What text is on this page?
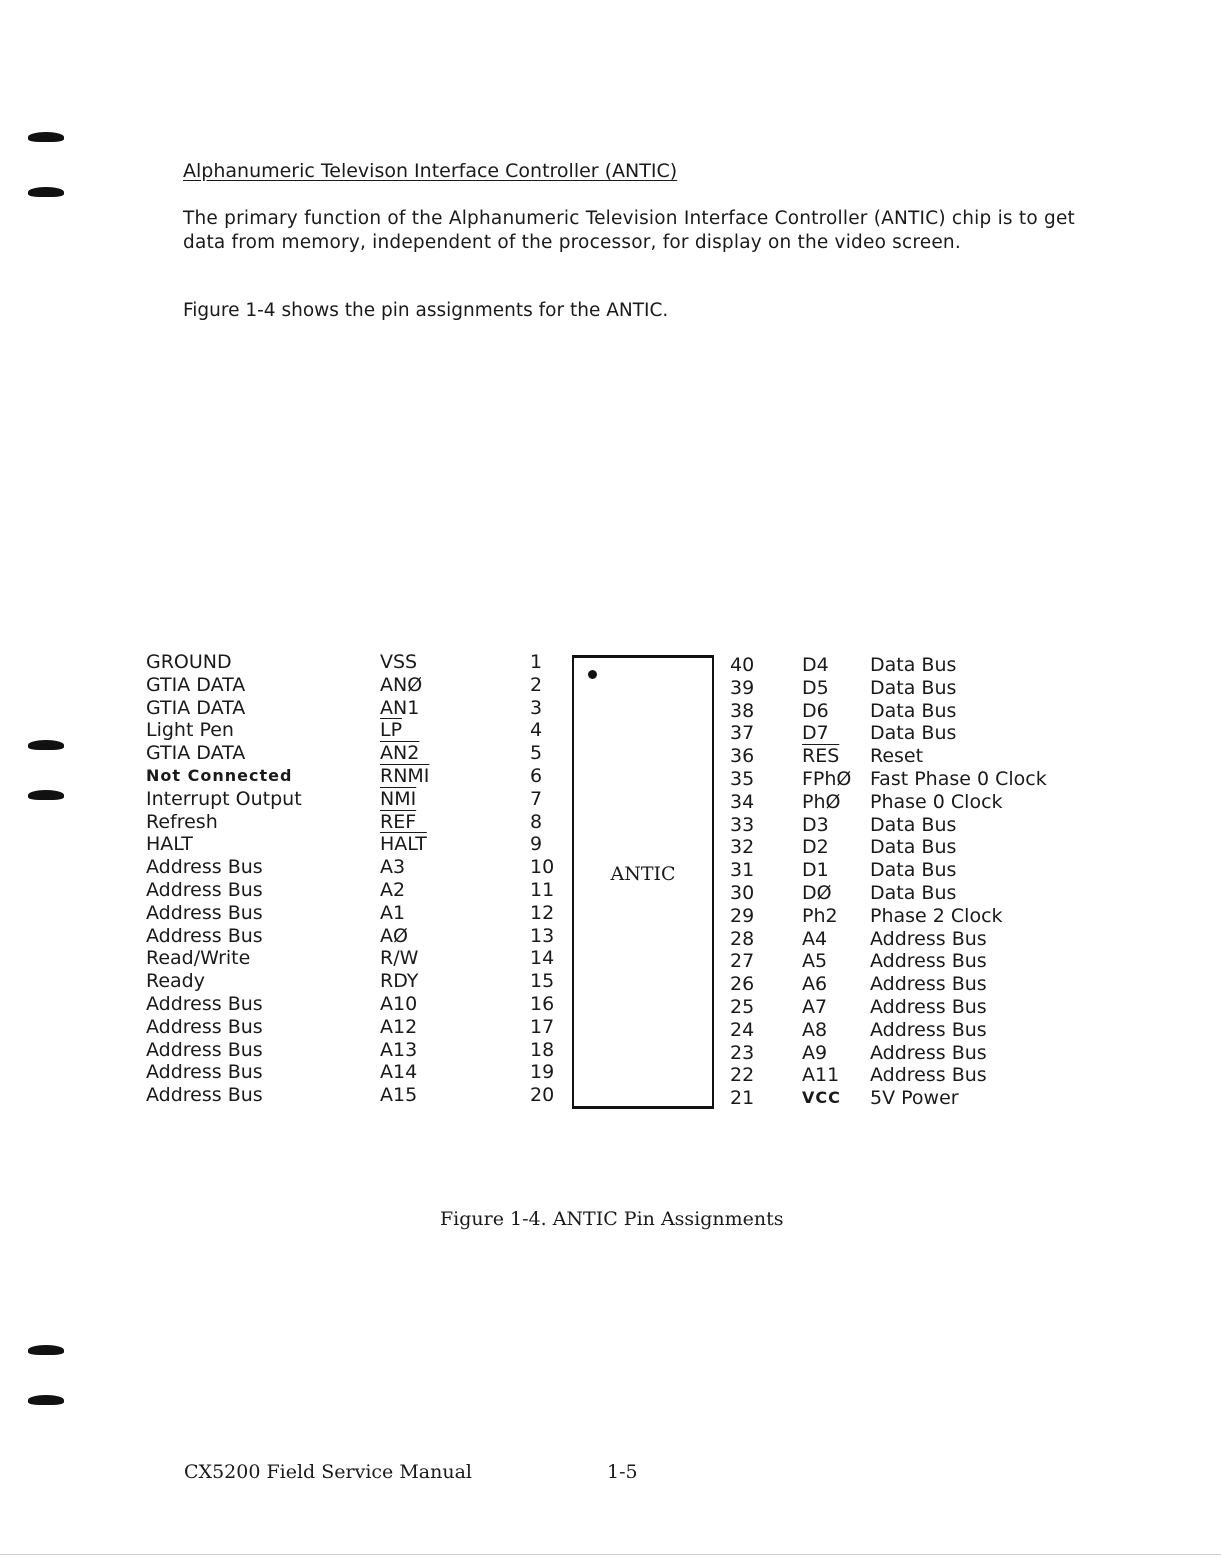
Alphanumeric Televison Interface Controller (ANTIC)
The primary function of the Alphanumeric Television Interface Controller (ANTIC) chip is to get data from memory, independent of the processor, for display on the video screen.
Figure 1-4 shows the pin assignments for the ANTIC.
GROUND
GTIA DATA
GTIA DATA
Light Pen
GTIA DATA
Not Connected
Interrupt Output
Refresh
HALT
Address Bus
Address Bus
Address Bus
Address Bus
Read/Write
Ready
Address Bus
Address Bus
Address Bus
Address Bus
Address Bus
VSS
ANØ
AN1
$\overline{LP}$
AN2
RNMI
$\overline{NMI}$
$\overline{REF}$
HALT
A3
A2
A1
AØ
R/W
RDY
A10
A12
A13
A14
A15
1
2
3
4
5
6
7
8
9
10
11
12
13
14
15
16
17
18
19
20
ANTIC
40
39
38
37
36
35
34
33
32
31
30
29
28
27
26
25
24
23
22
21
D4
D5
D6
D7
$\overline{RES}$
FPhØ
PhØ
D3
D2
D1
DØ
Ph2
A4
A5
A6
A7
A8
A9
A11
VCC
Data Bus
Data Bus
Data Bus
Data Bus
Reset
Fast Phase 0 Clock
Phase 0 Clock
Data Bus
Data Bus
Data Bus
Data Bus
Phase 2 Clock
Address Bus
Address Bus
Address Bus
Address Bus
Address Bus
Address Bus
Address Bus
5V Power
Figure 1-4. ANTIC Pin Assignments
CX5200 Field Service Manual	1-5
